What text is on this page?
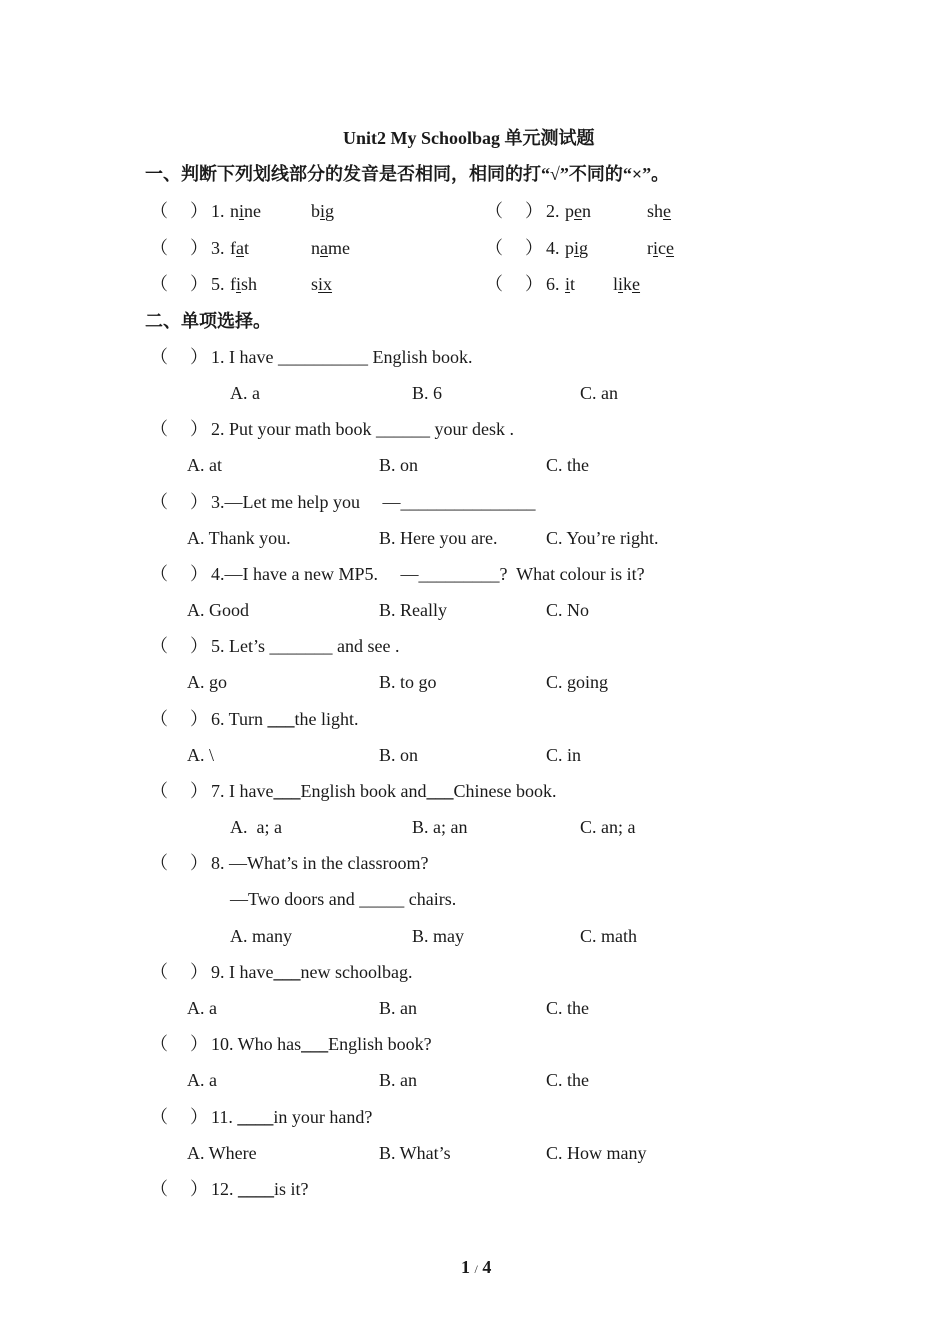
Unit2 My Schoolbag 单元测试题
一、判断下列划线部分的发音是否相同，相同的打“√”不同的“×”。
（ ） 1. nine	big	（ ） 2. pen	she
（ ） 3. fat	name	（ ） 4. pig	rice
（ ） 5. fish	six	（ ） 6. it like
二、单项选择。
（ ） 1. I have __________ English book.
A. a	B. 6	C. an
（ ） 2. Put your math book ______ your desk .
A. at	B. on	C. the
（ ） 3.—Let me help you     —_______________
A. Thank you.	B. Here you are.	C. You’re right.
（ ） 4.—I have a new MP5.     —_________?  What colour is it?
A. Good	B. Really	C. No
（ ） 5. Let’s _______ and see .
A. go	B. to go	C. going
（ ） 6. Turn ___the light.
A. \	B. on	C. in
（ ） 7. I have___English book and___Chinese book.
A.  a; a	B. a; an	C. an; a
（ ） 8. —What’s in the classroom?
—Two doors and _____ chairs.
A. many	B. may	C. math
（ ） 9. I have___new schoolbag.
A. a	B. an	C. the
（ ） 10. Who has___English book?
A. a	B. an	C. the
（ ） 11. ____in your hand?
A. Where	B. What’s	C. How many
（ ） 12. ____is it?
1 / 4
